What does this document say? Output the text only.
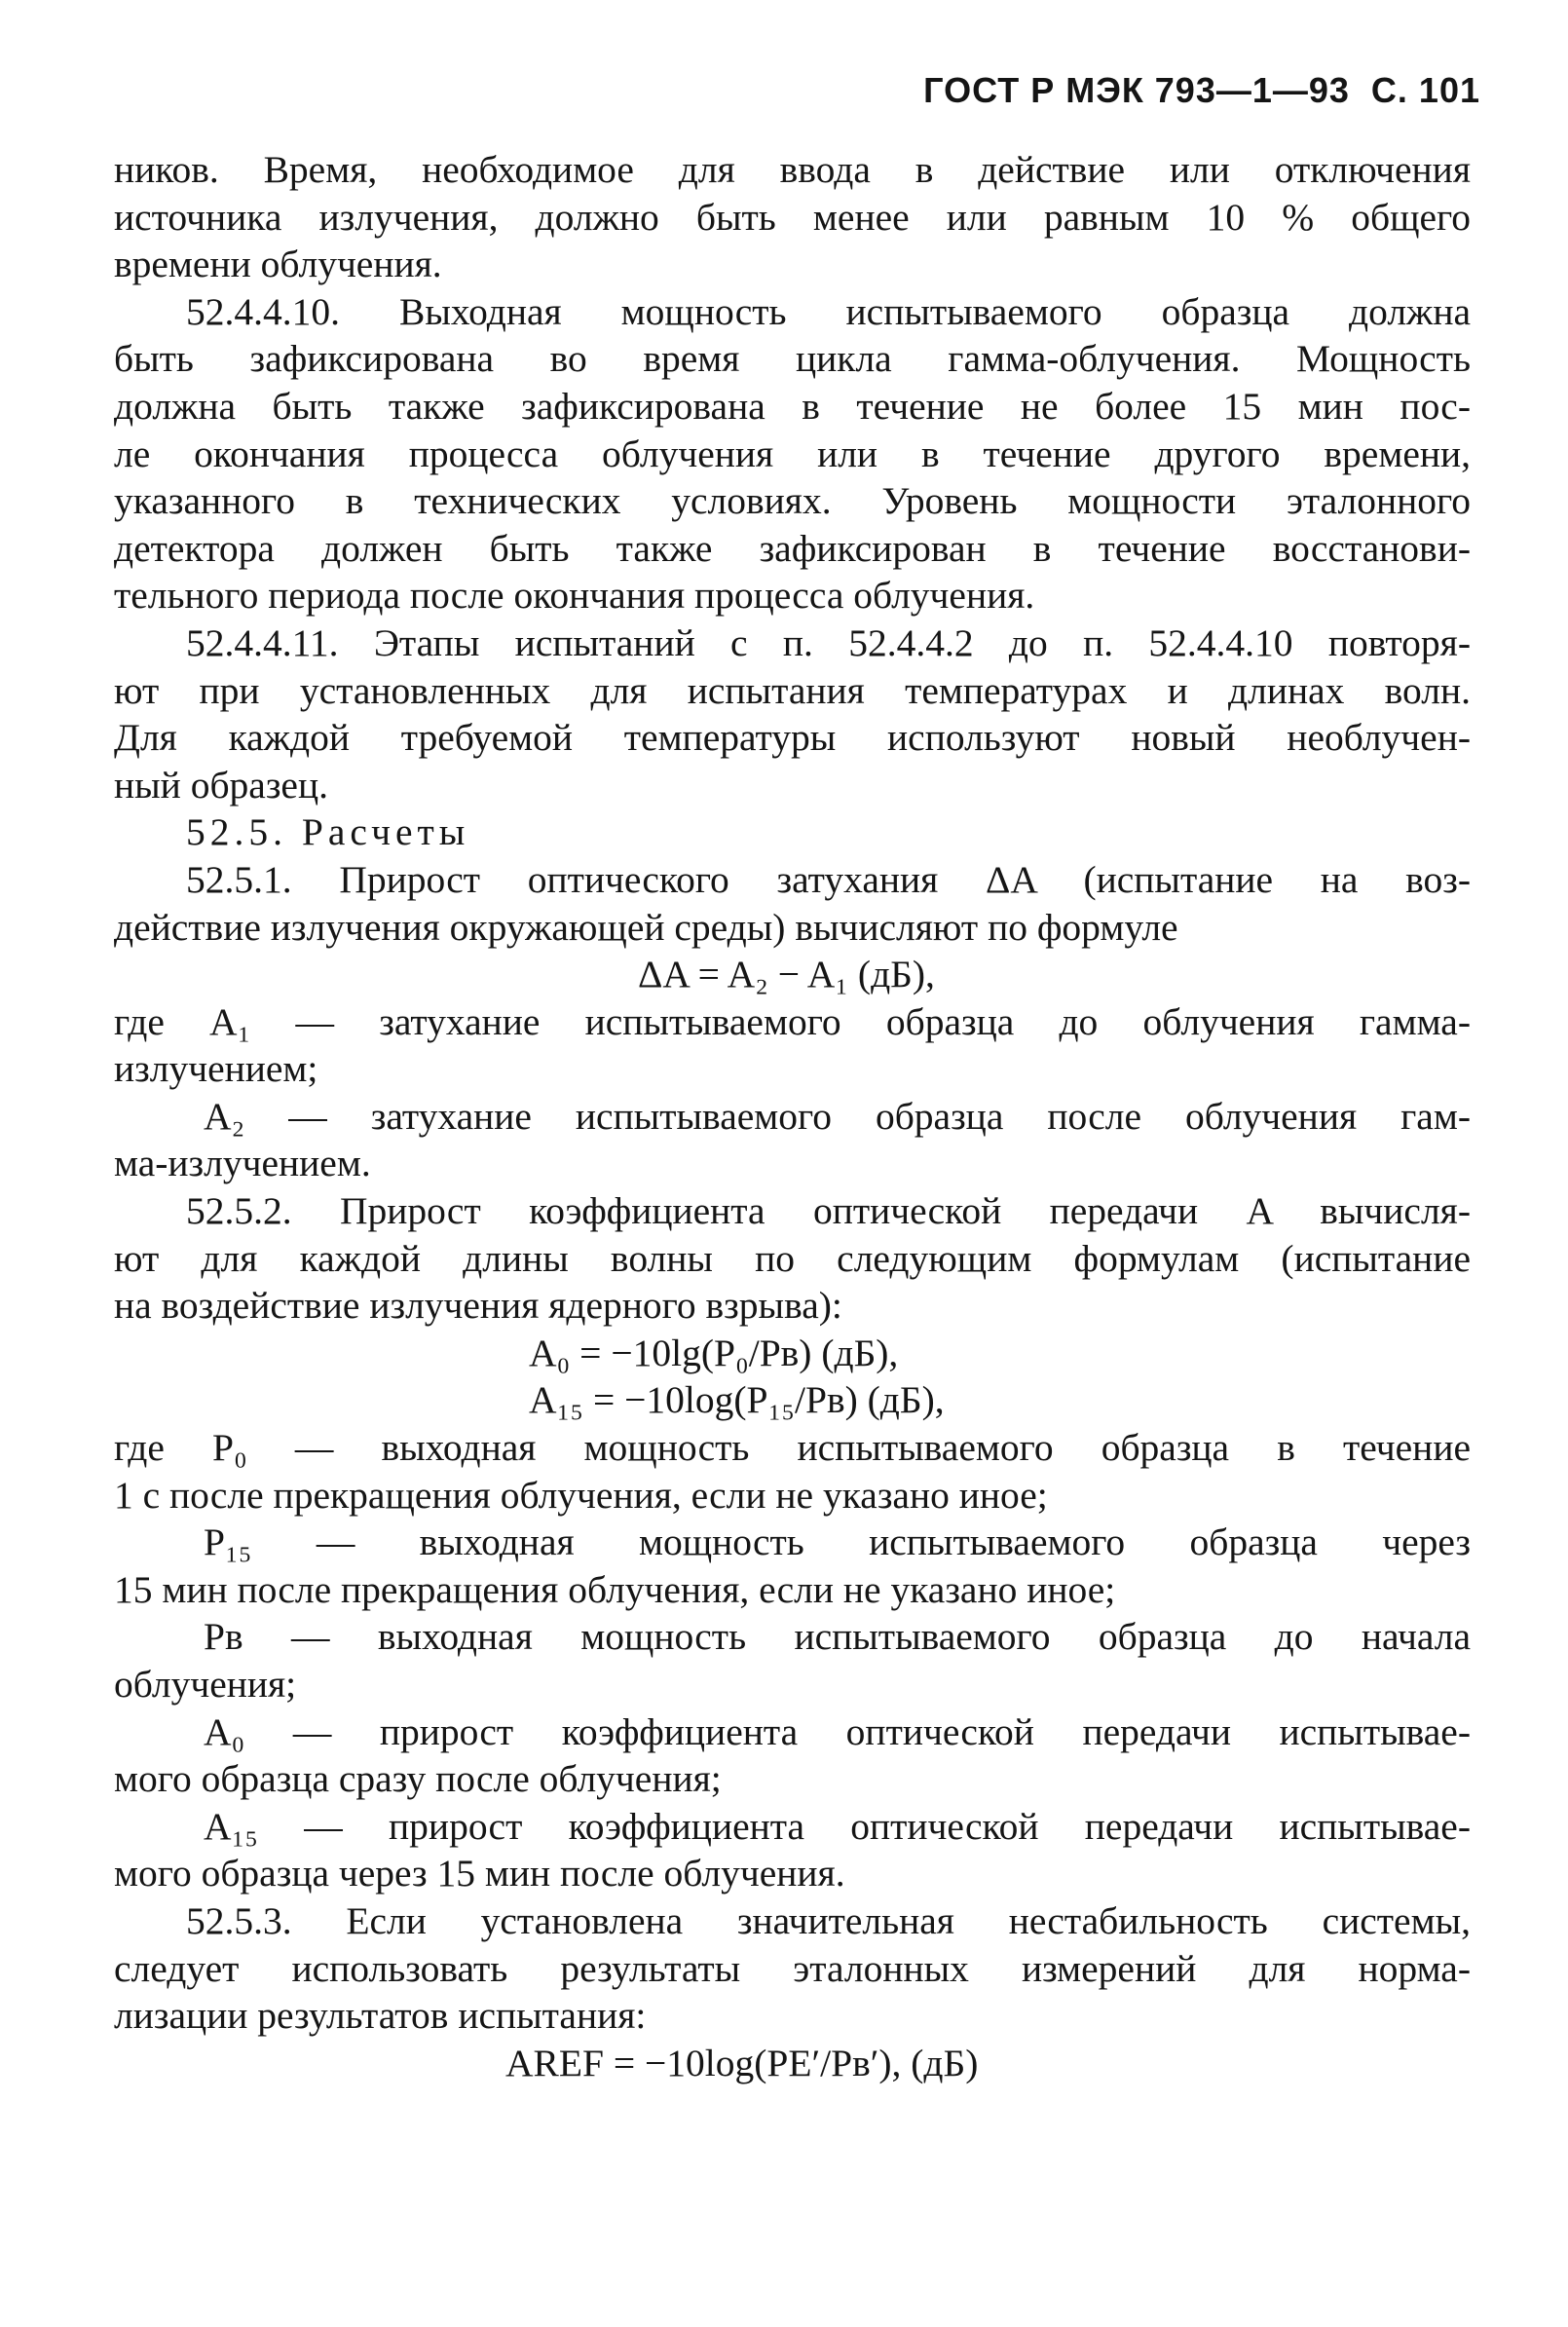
ГОСТ Р МЭК 793—1—93 С. 101
ников. Время, необходимое для ввода в действие или отключения
источника излучения, должно быть менее или равным 10 % общего
времени облучения.
52.4.4.10. Выходная мощность испытываемого образца должна
быть зафиксирована во время цикла гамма-облучения. Мощность
должна быть также зафиксирована в течение не более 15 мин пос-
ле окончания процесса облучения или в течение другого времени,
указанного в технических условиях. Уровень мощности эталонного
детектора должен быть также зафиксирован в течение восстанови-
тельного периода после окончания процесса облучения.
52.4.4.11. Этапы испытаний с п. 52.4.4.2 до п. 52.4.4.10 повторя-
ют при установленных для испытания температурах и длинах волн.
Для каждой требуемой температуры используют новый необлучен-
ный образец.
52.5. Расчеты
52.5.1. Прирост оптического затухания ΔA (испытание на воз-
действие излучения окружающей среды) вычисляют по формуле
ΔA = A₂ − A₁ (дБ),
где A₁ — затухание испытываемого образца до облучения гамма-
излучением;
A₂ — затухание испытываемого образца после облучения гам-
ма-излучением.
52.5.2. Прирост коэффициента оптической передачи A вычисля-
ют для каждой длины волны по следующим формулам (испытание
на воздействие излучения ядерного взрыва):
A₀ = −10lg(P₀/Pв) (дБ),
A₁₅ = −10log(P₁₅/Pв) (дБ),
где P₀ — выходная мощность испытываемого образца в течение
1 с после прекращения облучения, если не указано иное;
P₁₅ — выходная мощность испытываемого образца через
15 мин после прекращения облучения, если не указано иное;
Pв — выходная мощность испытываемого образца до начала
облучения;
A₀ — прирост коэффициента оптической передачи испытывае-
мого образца сразу после облучения;
A₁₅ — прирост коэффициента оптической передачи испытывае-
мого образца через 15 мин после облучения.
52.5.3. Если установлена значительная нестабильность системы,
следует использовать результаты эталонных измерений для норма-
лизации результатов испытания:
AREF = −10log(PE′/Pв′), (дБ)
